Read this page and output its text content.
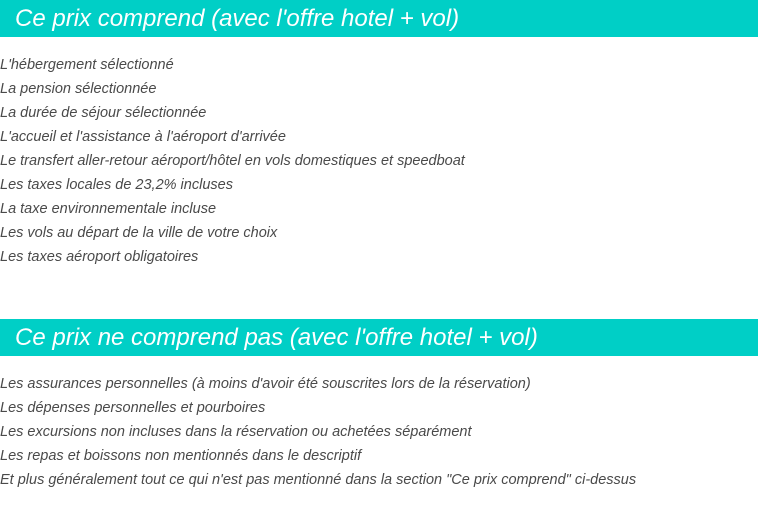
Ce prix comprend (avec l'offre hotel + vol)
L'hébergement sélectionné
La pension sélectionnée
La durée de séjour sélectionnée
L'accueil et l'assistance à l'aéroport d'arrivée
Le transfert aller-retour aéroport/hôtel en vols domestiques et speedboat
Les taxes locales de 23,2% incluses
La taxe environnementale incluse
Les vols au départ de la ville de votre choix
Les taxes aéroport obligatoires
Ce prix ne comprend pas (avec l'offre hotel + vol)
Les assurances personnelles (à moins d'avoir été souscrites lors de la réservation)
Les dépenses personnelles et pourboires
Les excursions non incluses dans la réservation ou achetées séparément
Les repas et boissons non mentionnés dans le descriptif
Et plus généralement tout ce qui n'est pas mentionné dans la section "Ce prix comprend" ci-dessus
